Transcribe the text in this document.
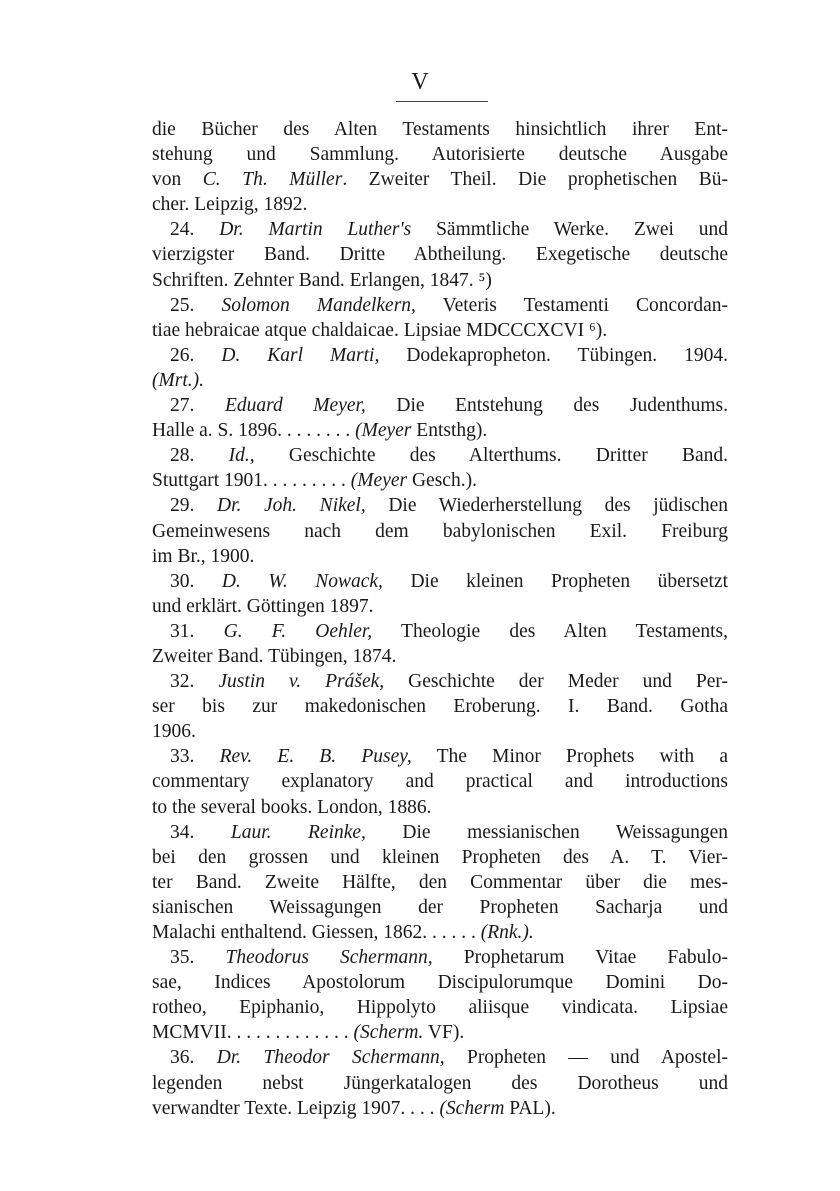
V
die Bücher des Alten Testaments hinsichtlich ihrer Ent-
stehung und Sammlung. Autorisierte deutsche Ausgabe
von C. Th. Müller. Zweiter Theil. Die prophetischen Bü-
cher. Leipzig, 1892.
24. Dr. Martin Luther's Sämmtliche Werke. Zwei und
vierzigster Band. Dritte Abtheilung. Exegetische deutsche
Schriften. Zehnter Band. Erlangen, 1847. ⁵)
25. Solomon Mandelkern, Veteris Testamenti Concordan-
tiae hebraicae atque chaldaicae. Lipsiae MDCCCXCVI ⁶).
26. D. Karl Marti, Dodekapropheton. Tübingen. 1904.
(Mrt.).
27. Eduard Meyer, Die Entstehung des Judenthums.
Halle a. S. 1896. . . . . . . . (Meyer Entsthg).
28. Id., Geschichte des Alterthums. Dritter Band.
Stuttgart 1901. . . . . . . . . (Meyer Gesch.).
29. Dr. Joh. Nikel, Die Wiederherstellung des jüdischen
Gemeinwesens nach dem babylonischen Exil. Freiburg
im Br., 1900.
30. D. W. Nowack, Die kleinen Propheten übersetzt
und erklärt. Göttingen 1897.
31. G. F. Oehler, Theologie des Alten Testaments,
Zweiter Band. Tübingen, 1874.
32. Justin v. Prášek, Geschichte der Meder und Per-
ser bis zur makedonischen Eroberung. I. Band. Gotha
1906.
33. Rev. E. B. Pusey, The Minor Prophets with a
commentary explanatory and practical and introductions
to the several books. London, 1886.
34. Laur. Reinke, Die messianischen Weissagungen
bei den grossen und kleinen Propheten des A. T. Vier-
ter Band. Zweite Hälfte, den Commentar über die mes-
sianischen Weissagungen der Propheten Sacharja und
Malachi enthaltend. Giessen, 1862. . . . . . (Rnk.).
35. Theodorus Schermann, Prophetarum Vitae Fabulo-
sae, Indices Apostolorum Discipulorumque Domini Do-
rotheo, Epiphanio, Hippolyto aliisque vindicata. Lipsiae
MCMVII. . . . . . . . . . . . . (Scherm. VF).
36. Dr. Theodor Schermann, Propheten — und Apostel-
legenden nebst Jüngerkatalogen des Dorotheus und
verwandter Texte. Leipzig 1907. . . . (Scherm PAL).
